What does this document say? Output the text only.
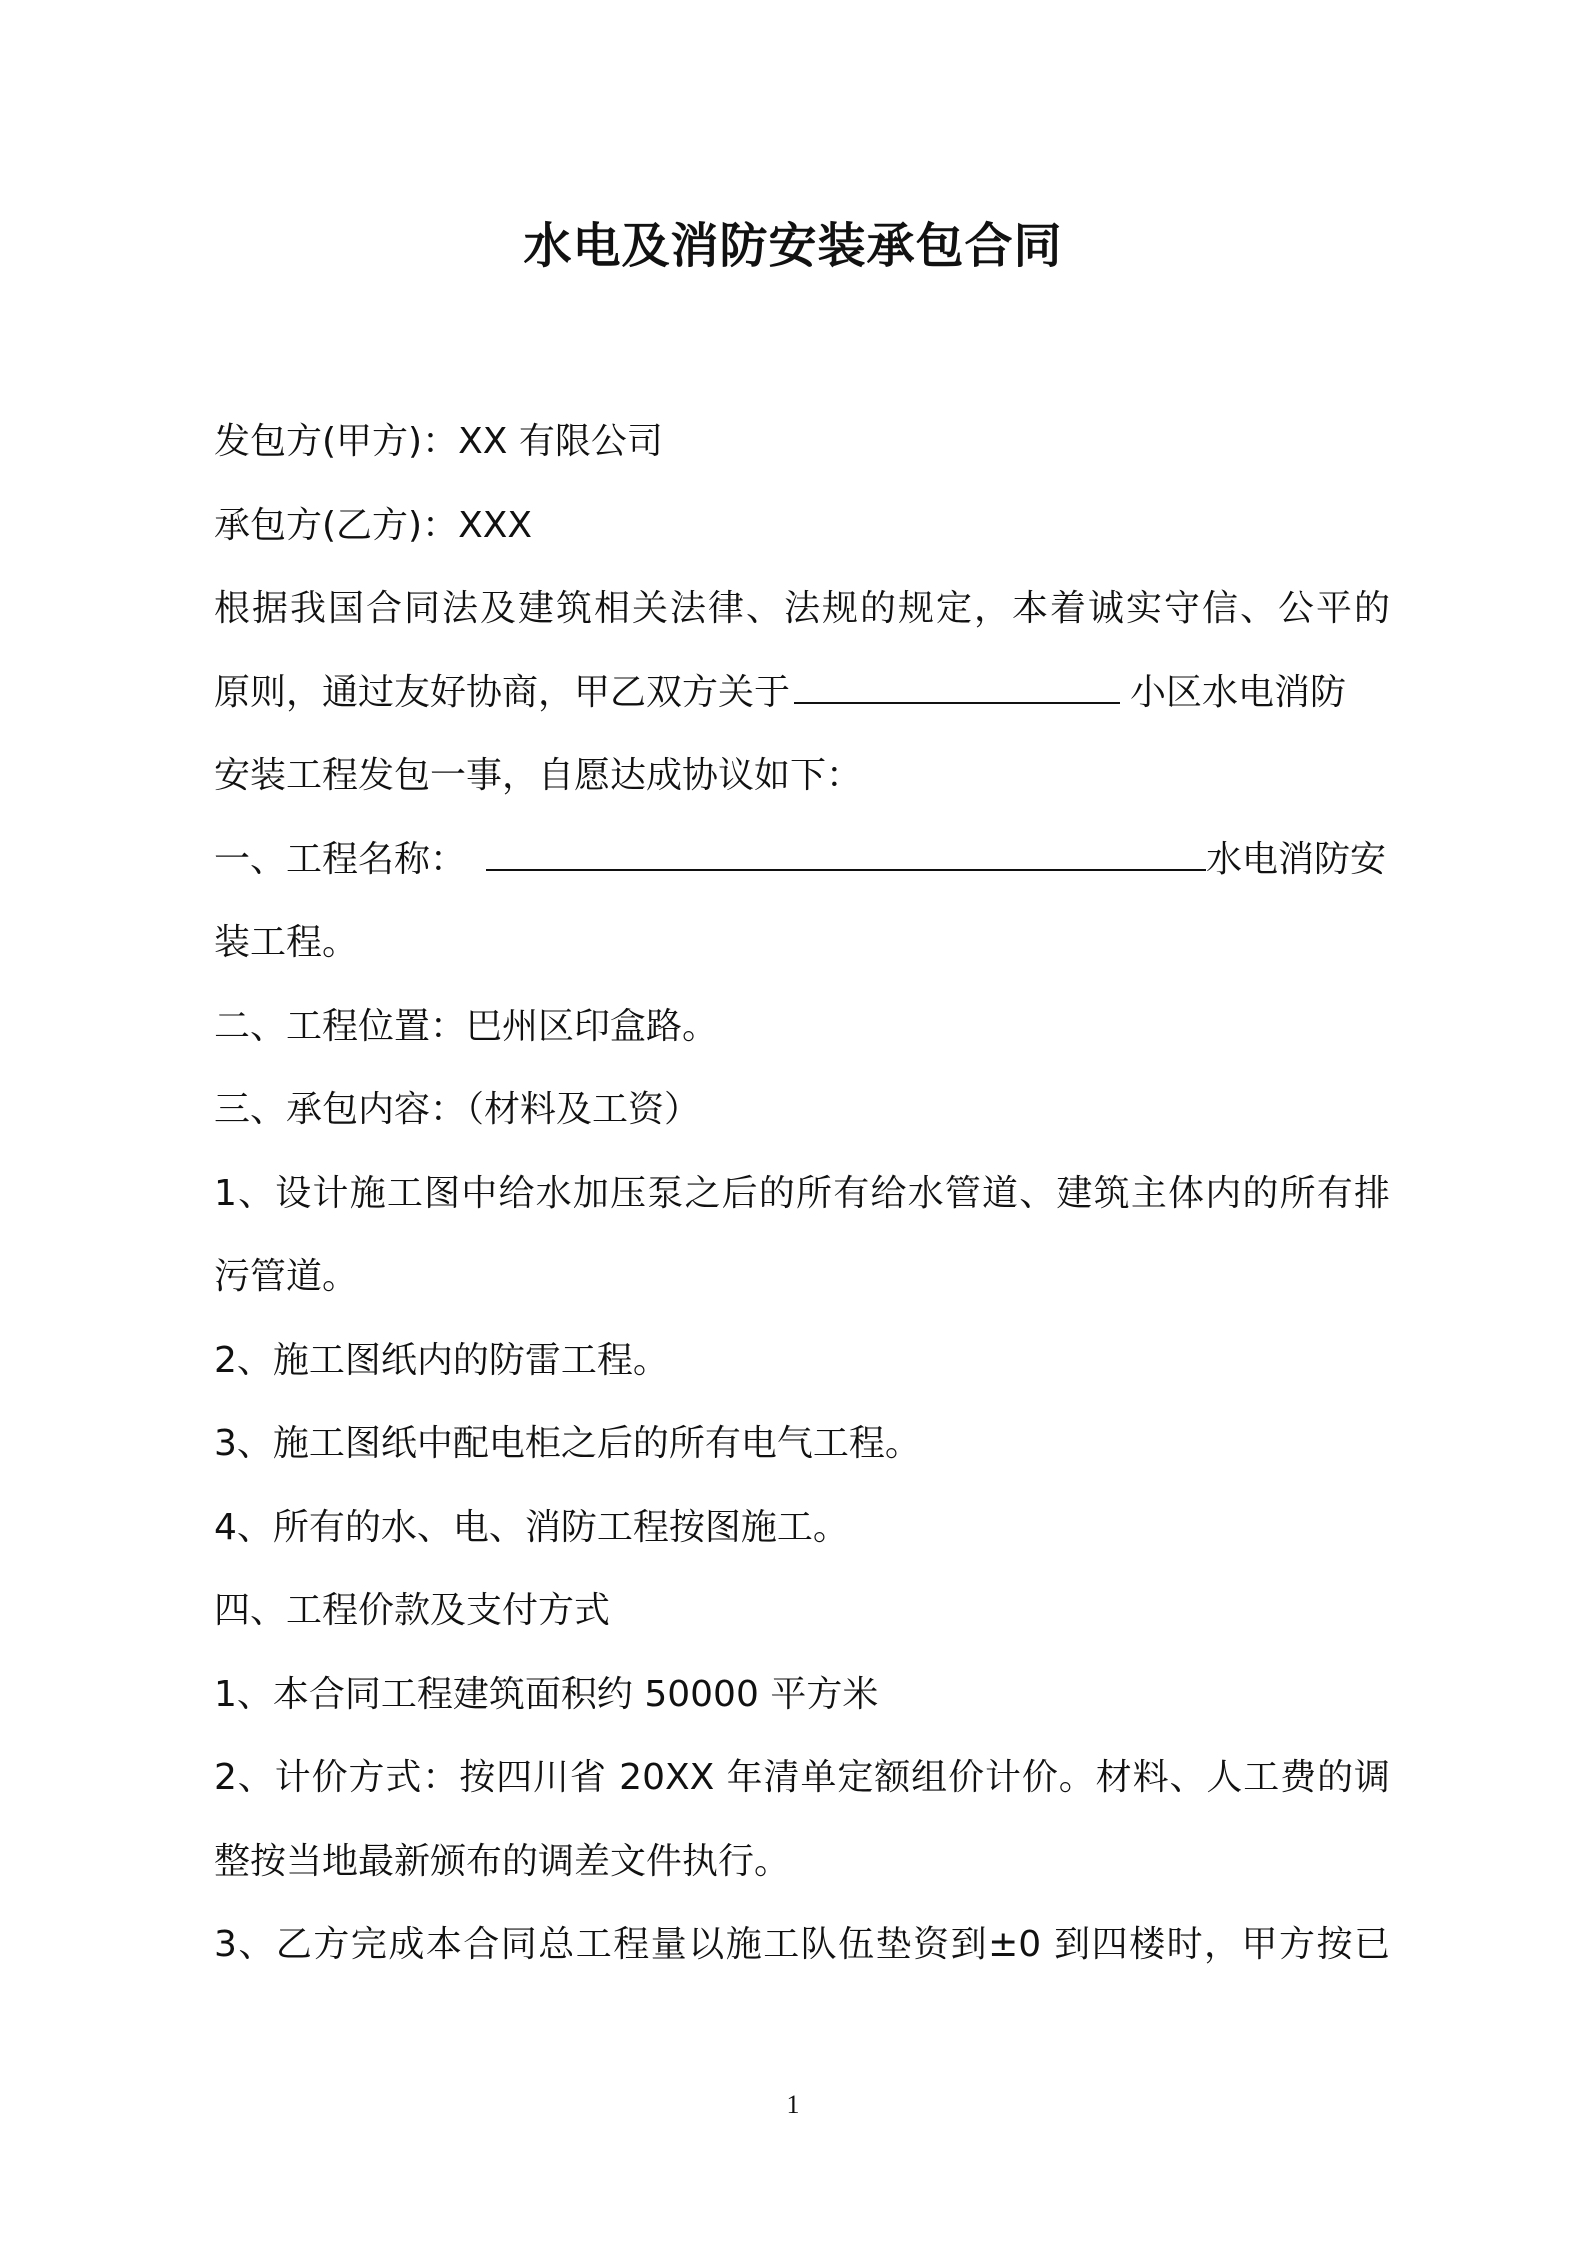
水电及消防安装承包合同
发包方(甲方)：XX 有限公司
承包方(乙方)：XXX
根据我国合同法及建筑相关法律、法规的规定，本着诚实守信、公平的
原则，通过友好协商，甲乙双方关于	小区水电消防
安装工程发包一事，自愿达成协议如下：
一、工程名称：	水电消防安
装工程。
二、工程位置：巴州区印盒路。
三、承包内容：（材料及工资）
1、设计施工图中给水加压泵之后的所有给水管道、建筑主体内的所有排
污管道。
2、施工图纸内的防雷工程。
3、施工图纸中配电柜之后的所有电气工程。
4、所有的水、电、消防工程按图施工。
四、工程价款及支付方式
1、本合同工程建筑面积约 50000 平方米
2、计价方式：按四川省 20XX 年清单定额组价计价。材料、人工费的调
整按当地最新颁布的调差文件执行。
3、乙方完成本合同总工程量以施工队伍垫资到±0 到四楼时，甲方按已
1
